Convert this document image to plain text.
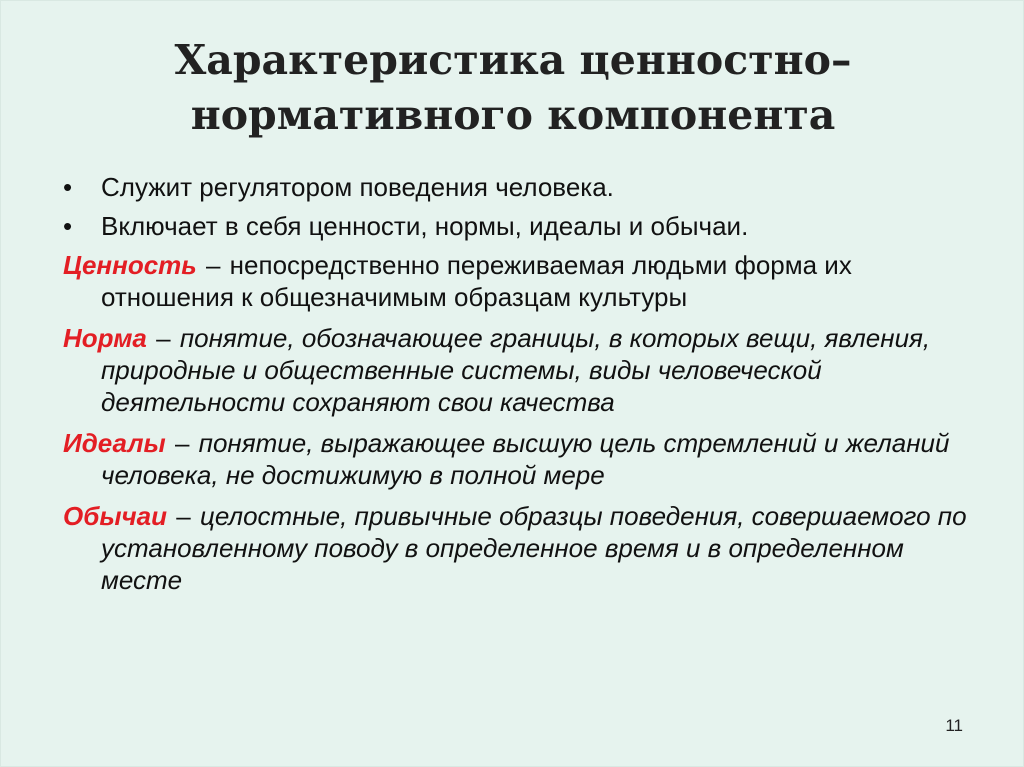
Характеристика ценностно–
нормативного компонента
• Служит регулятором поведения человека.
• Включает в себя ценности, нормы, идеалы и обычаи.
Ценность – непосредственно переживаемая людьми форма их отношения к общезначимым образцам культуры
Норма – понятие, обозначающее границы, в которых вещи, явления, природные и общественные системы, виды человеческой деятельности сохраняют свои качества
Идеалы – понятие, выражающее высшую цель стремлений и желаний человека, не достижимую в полной мере
Обычаи – целостные, привычные образцы поведения, совершаемого по установленному поводу в определенное время и в определенном месте
11
